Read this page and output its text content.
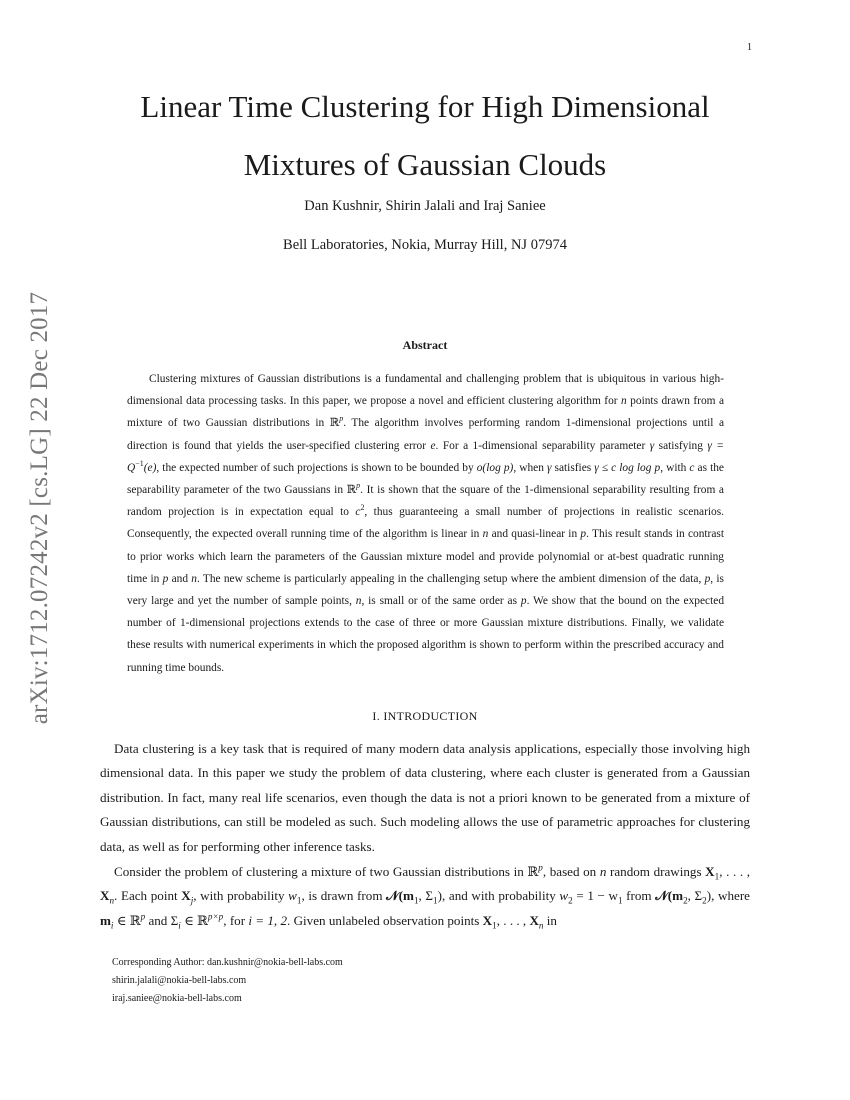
1
arXiv:1712.07242v2 [cs.LG] 22 Dec 2017
Linear Time Clustering for High Dimensional
Mixtures of Gaussian Clouds

Dan Kushnir, Shirin Jalali and Iraj Saniee

Bell Laboratories, Nokia, Murray Hill, NJ 07974

Abstract

Clustering mixtures of Gaussian distributions is a fundamental and challenging problem that is ubiquitous in various high-dimensional data processing tasks. In this paper, we propose a novel and efficient clustering algorithm for n points drawn from a mixture of two Gaussian distributions in ℝ$^p$. The algorithm involves performing random 1-dimensional projections until a direction is found that yields the user-specified clustering error e. For a 1-dimensional separability parameter γ satisfying $\gamma = Q^{-1}(e)$, the expected number of such projections is shown to be bounded by o(log p), when γ satisfies γ ≤ c log log p, with c as the separability parameter of the two Gaussians in ℝ$^p$. It is shown that the square of the 1-dimensional separability resulting from a random projection is in expectation equal to $c^2$, thus guaranteeing a small number of projections in realistic scenarios. Consequently, the expected overall running time of the algorithm is linear in n and quasi-linear in p. This result stands in contrast to prior works which learn the parameters of the Gaussian mixture model and provide polynomial or at-best quadratic running time in p and n. The new scheme is particularly appealing in the challenging setup where the ambient dimension of the data, p, is very large and yet the number of sample points, n, is small or of the same order as p. We show that the bound on the expected number of 1-dimensional projections extends to the case of three or more Gaussian mixture distributions. Finally, we validate these results with numerical experiments in which the proposed algorithm is shown to perform within the prescribed accuracy and running time bounds.

I. INTRODUCTION

Data clustering is a key task that is required of many modern data analysis applications, especially those involving high dimensional data. In this paper we study the problem of data clustering, where each cluster is generated from a Gaussian distribution. In fact, many real life scenarios, even though the data is not a priori known to be generated from a mixture of Gaussian distributions, can still be modeled as such. Such modeling allows the use of parametric approaches for clustering data, as well as for performing other inference tasks.

Consider the problem of clustering a mixture of two Gaussian distributions in ℝ$^p$, based on n random drawings $X_1$, . . . , $X_n$. Each point $X_j$, with probability $w_1$, is drawn from $𝒩(m_1$, $\Sigma_1$), and with probability $w_2 = 1 - w_1$ from $𝒩(m_2$, $\Sigma_2$), where $m_i$ ∈ ℝ$^p$ and $\Sigma_i$ ∈ ℝ$^{p\times p}$, for i = 1, 2. Given unlabeled observation points $X_1$, . . . , $X_n$ in

Corresponding Author: dan.kushnir@nokia-bell-labs.com
shirin.jalali@nokia-bell-labs.com
iraj.saniee@nokia-bell-labs.com
